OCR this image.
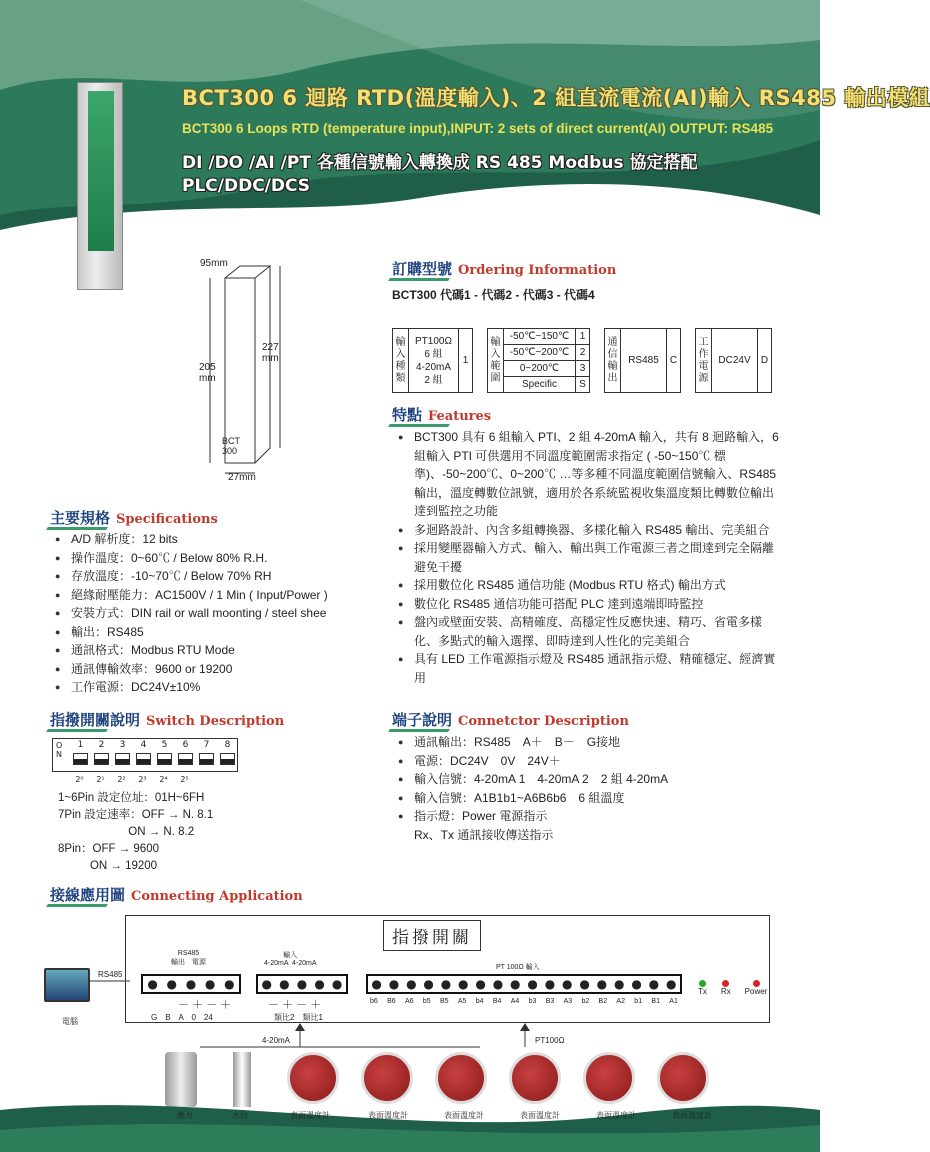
BCT300 6 迴路 RTD(溫度輸入)、2 組直流電流(AI)輸入 RS485 輸出模組
BCT300 6 Loops RTD (temperature input),INPUT: 2 sets of direct current(AI) OUTPUT: RS485
DI /DO /AI /PT 各種信號輸入轉換成 RS 485 Modbus 協定搭配
PLC/DDC/DCS
95mm
227
mm
205
mm
BCT
300
27mm
訂購型號 Ordering Information
BCT300 代碼1 - 代碼2 - 代碼3 - 代碼4
輸入種類	PT100Ω
6 組
4-20mA
2 組	1
輸入範圍	-50℃~150℃	1
	-50℃~200℃	2
	0~200℃	3
	Specific	S
通信輸出	RS485	C
工作電源	DC24V	D
特點 Features
● BCT300 具有 6 組輸入 PTI、2 組 4-20mA 輸入，共有 8 迴路輸入，6 組輸入 PTI 可供選用不同溫度範圍需求指定 ( -50~150℃ 標準)、-50~200℃、0~200℃ …等多種不同溫度範圍信號輸入、RS485 輸出，溫度轉數位訊號，適用於各系統監視收集溫度類比轉數位輸出達到監控之功能
● 多迴路設計、內含多組轉換器、多樣化輸入 RS485 輸出、完美組合
● 採用變壓器輸入方式、輸入、輸出與工作電源三者之間達到完全隔離避免干擾
● 採用數位化 RS485 通信功能 (Modbus RTU 格式) 輸出方式
● 數位化 RS485 通信功能可搭配 PLC 達到遠端即時監控
● 盤內或壁面安裝、高精確度、高穩定性反應快速、精巧、省電多樣化、多點式的輸入選擇、即時達到人性化的完美組合
● 具有 LED 工作電源指示燈及 RS485 通訊指示燈、精確穩定、經濟實用
主要規格 Specifications
● A/D 解析度：12 bits
● 操作溫度：0~60℃ / Below 80% R.H.
● 存放溫度：-10~70℃ / Below 70% RH
● 絕緣耐壓能力：AC1500V / 1 Min ( Input/Power )
● 安裝方式：DIN rail or wall moonting / steel shee
● 輸出：RS485
● 通訊格式：Modbus RTU Mode
● 通訊傳輸效率：9600 or 19200
● 工作電源：DC24V±10%
指撥開關說明 Switch Description
O
N
1	2	3	4	5	6	7	8
2⁰	2¹	2²	2³	2⁴	2⁵
1~6Pin 設定位址：01H~6FH
7Pin 設定速率：OFF → N. 8.1
ON → N. 8.2
8Pin：OFF → 9600
ON → 19200
端子說明 Connetctor Description
● 通訊輸出：RS485　A＋　B－　G接地
● 電源：DC24V　0V　24V＋
● 輸入信號：4-20mA 1　4-20mA 2　2 組 4-20mA
● 輸入信號：A1B1b1~A6B6b6　6 組溫度
● 指示燈：Power 電源指示
Rx、Tx 通訊接收傳送指示
接線應用圖 Connecting Application
指撥開關
RS485
輸出　電源
● ● ● ● ●
－ ＋ － ＋
G　B　A　0　24
輸入
4-20mA  4-20mA
● ● ● ● ●
－ ＋ － ＋
類比2　類比1
PT 100Ω 輸入
● ● ● ● ● ● ● ● ● ● ● ● ● ● ● ● ● ●
b6 B6 A6 b5 B5 A5 b4 B4 A4 b3 B3 A3 b2 B2 A2 b1 B1 A1
Tx Rx Power
電腦
RS485
4-20mA	PT100Ω
壓力	水位	表面溫度計	表面溫度計	表面溫度計	表面溫度計	表面溫度計	表面溫度計
